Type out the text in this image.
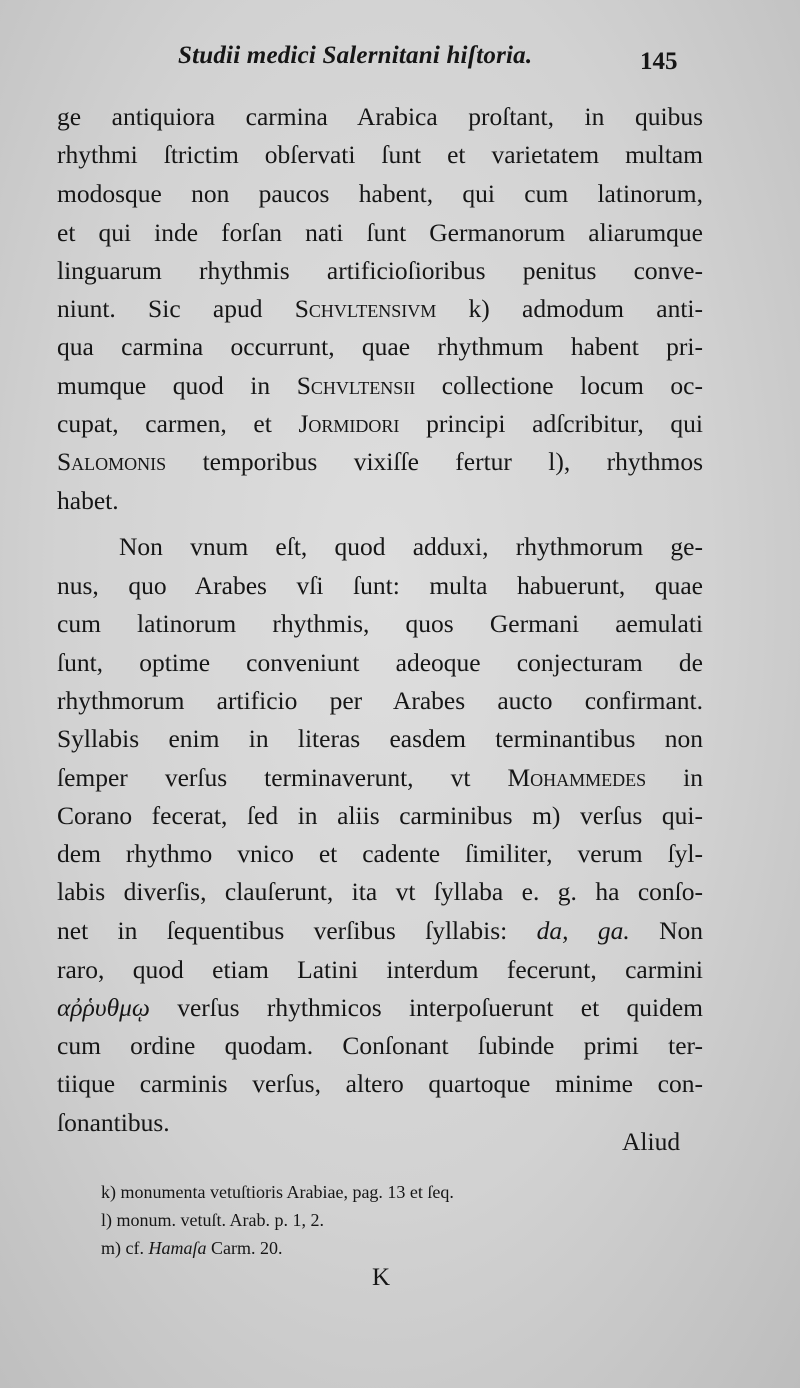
Studii medici Salernitani hiſtoria.	145
ge antiquiora carmina Arabica proſtant, in quibus
rhythmi ſtrictim obſervati ſunt et varietatem multam
modosque non paucos habent, qui cum latinorum,
et qui inde forſan nati ſunt Germanorum aliarumque
linguarum rhythmis artificioſioribus penitus conve-
niunt. Sic apud Schvltensivm k) admodum anti-
qua carmina occurrunt, quae rhythmum habent pri-
mumque quod in Schvltensii collectione locum oc-
cupat, carmen, et Jormidori principi adſcribitur, qui
Salomonis temporibus vixiſſe fertur l), rhythmos
habet.
Non vnum eſt, quod adduxi, rhythmorum ge-
nus, quo Arabes vſi ſunt: multa habuerunt, quae
cum latinorum rhythmis, quos Germani aemulati
ſunt, optime conveniunt adeoque conjecturam de
rhythmorum artificio per Arabes aucto confirmant.
Syllabis enim in literas easdem terminantibus non
ſemper verſus terminaverunt, vt Mohammedes in
Corano fecerat, ſed in aliis carminibus m) verſus qui-
dem rhythmo vnico et cadente ſimiliter, verum ſyl-
labis diverſis, clauſerunt, ita vt ſyllaba e. g. ha conſo-
net in ſequentibus verſibus ſyllabis: da, ga. Non
raro, quod etiam Latini interdum fecerunt, carmini
αῤῥυθμῳ verſus rhythmicos interpoſuerunt et quidem
cum ordine quodam. Conſonant ſubinde primi ter-
tiique carminis verſus, altero quartoque minime con-
ſonantibus.
Aliud
k) monumenta vetuſtioris Arabiae, pag. 13 et ſeq.
l) monum. vetuſt. Arab. p. 1, 2.
m) cf. Hamaſa Carm. 20.
K
